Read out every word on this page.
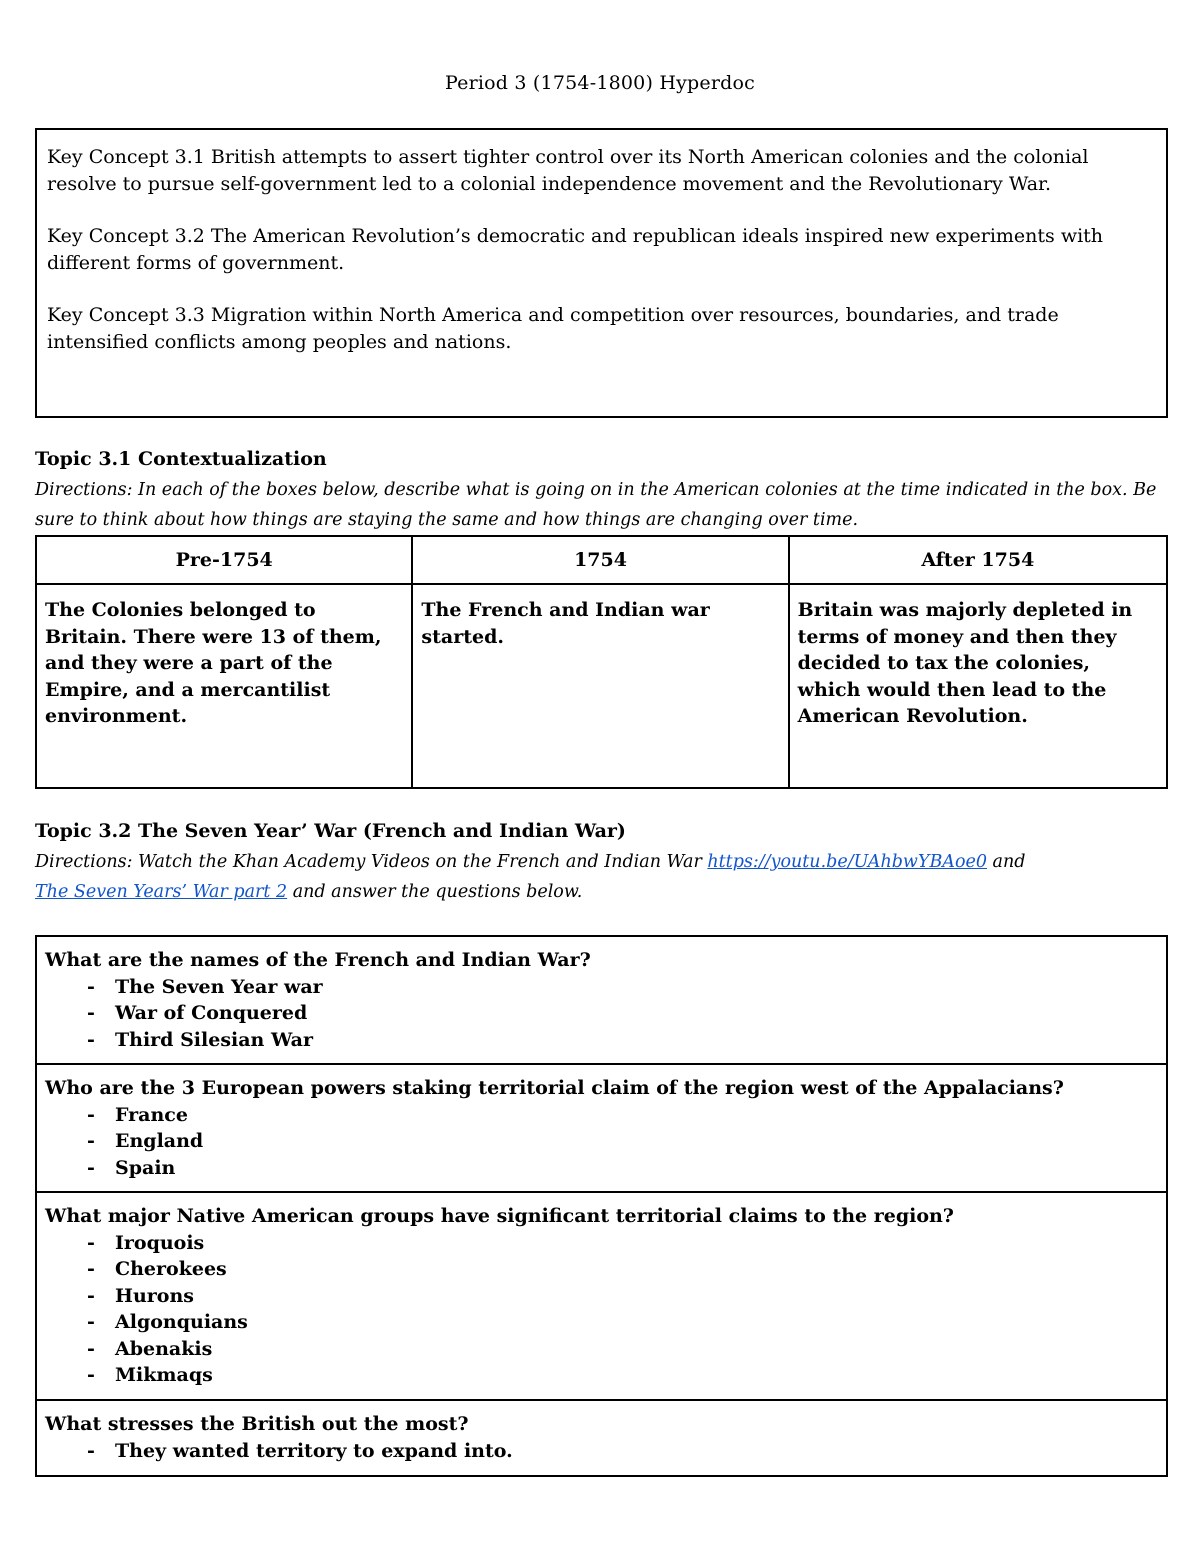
Period 3 (1754-1800) Hyperdoc

Key Concept 3.1 British attempts to assert tighter control over its North American colonies and the colonial resolve to pursue self-government led to a colonial independence movement and the Revolutionary War.

Key Concept 3.2 The American Revolution’s democratic and republican ideals inspired new experiments with different forms of government.

Key Concept 3.3 Migration within North America and competition over resources, boundaries, and trade intensified conflicts among peoples and nations.

Topic 3.1 Contextualization
Directions: In each of the boxes below, describe what is going on in the American colonies at the time indicated in the box. Be sure to think about how things are staying the same and how things are changing over time.
Pre-1754	1754	After 1754
The Colonies belonged to Britain. There were 13 of them, and they were a part of the Empire, and a mercantilist environment.	The French and Indian war started.	Britain was majorly depleted in terms of money and then they decided to tax the colonies, which would then lead to the American Revolution.
Topic 3.2 The Seven Year’ War (French and Indian War)
Directions: Watch the Khan Academy Videos on the French and Indian War https://youtu.be/UAhbwYBAoe0 and
The Seven Years’ War part 2 and answer the questions below.

What are the names of the French and Indian War?

- The Seven Year war
- War of Conquered
- Third Silesian War

Who are the 3 European powers staking territorial claim of the region west of the Appalacians?

- France
- England
- Spain

What major Native American groups have significant territorial claims to the region?

- Iroquois
- Cherokees
- Hurons
- Algonquians
- Abenakis
- Mikmaqs

What stresses the British out the most?

- They wanted territory to expand into.
